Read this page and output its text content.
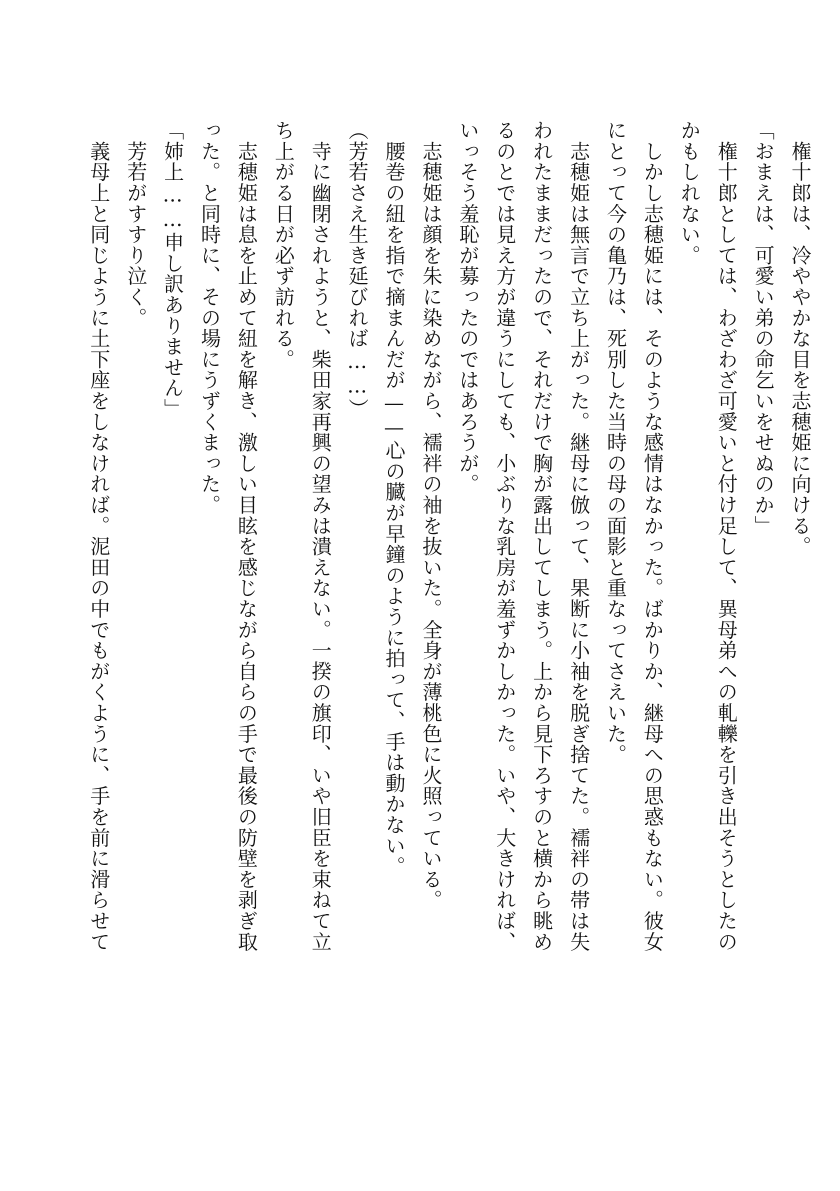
　権十郎は、冷ややかな目を志穂姫に向ける。
「おまえは、可愛い弟の命乞いをせぬのか」
　権十郎としては、わざわざ可愛いと付け足して、異母弟への軋轢を引き出そうとしたの
かもしれない。
　しかし志穂姫には、そのような感情はなかった。ばかりか、継母への思惑もない。彼女
にとって今の亀乃は、死別した当時の母の面影と重なってさえいた。
　志穂姫は無言で立ち上がった。継母に倣って、果断に小袖を脱ぎ捨てた。襦袢の帯は失
われたままだったので、それだけで胸が露出してしまう。上から見下ろすのと横から眺め
るのとでは見え方が違うにしても、小ぶりな乳房が羞ずかしかった。いや、大きければ、
いっそう羞恥が募ったのではあろうが。
　志穂姫は顔を朱に染めながら、襦袢の袖を抜いた。全身が薄桃色に火照っている。
　腰巻の紐を指で摘まんだが——心の臓が早鐘のように拍って、手は動かない。
（芳若さえ生き延びれば……）
　寺に幽閉されようと、柴田家再興の望みは潰えない。一揆の旗印、いや旧臣を束ねて立
ち上がる日が必ず訪れる。
　志穂姫は息を止めて紐を解き、激しい目眩を感じながら自らの手で最後の防壁を剥ぎ取
った。と同時に、その場にうずくまった。
「姉上……申し訳ありません」
　芳若がすすり泣く。
　義母上と同じように土下座をしなければ。泥田の中でもがくように、手を前に滑らせて
